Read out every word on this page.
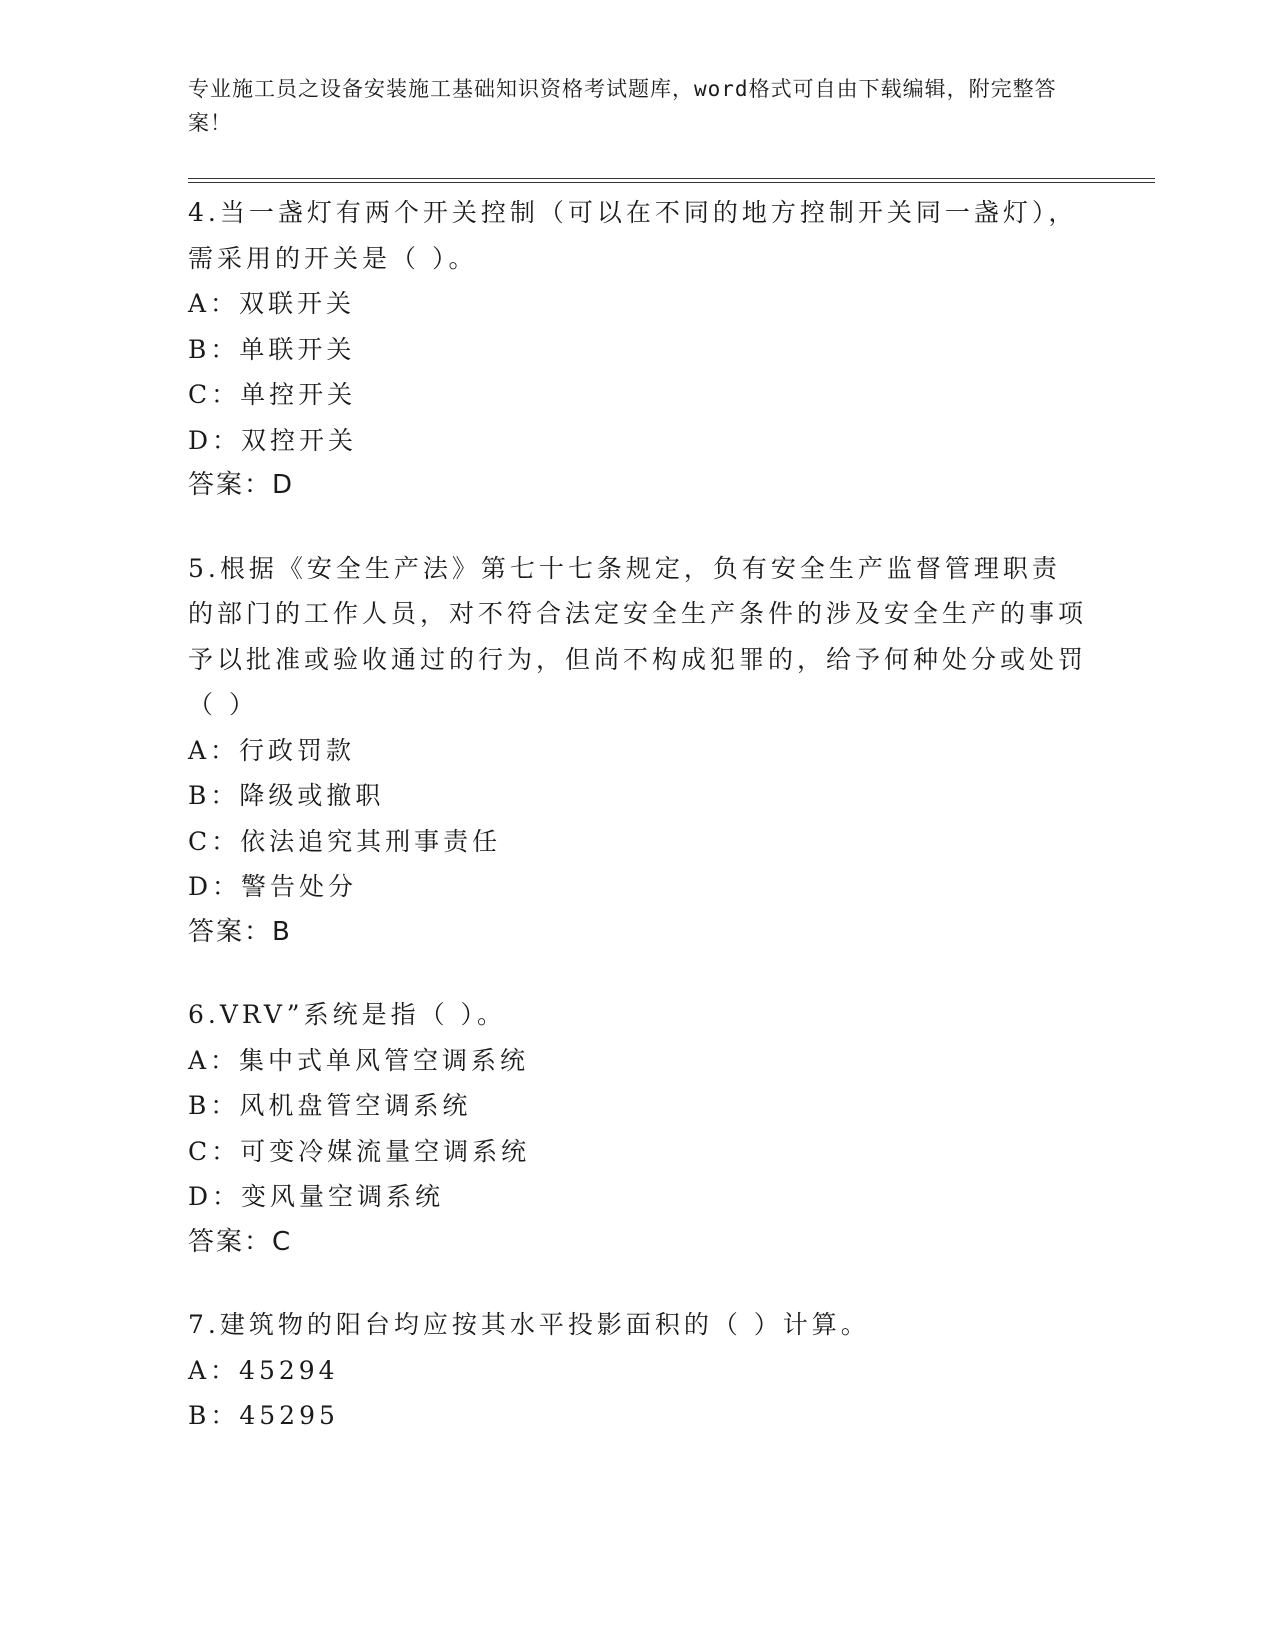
专业施工员之设备安装施工基础知识资格考试题库，word格式可自由下载编辑，附完整答案！

4.当一盏灯有两个开关控制（可以在不同的地方控制开关同一盏灯），需采用的开关是（ ）。

A：双联开关

B：单联开关

C：单控开关

D：双控开关

答案：D

5.根据《安全生产法》第七十七条规定，负有安全生产监督管理职责的部门的工作人员，对不符合法定安全生产条件的涉及安全生产的事项予以批准或验收通过的行为，但尚不构成犯罪的，给予何种处分或处罚（ ）

A：行政罚款

B：降级或撤职

C：依法追究其刑事责任

D：警告处分

答案：B

6.VRV”系统是指（ ）。

A：集中式单风管空调系统

B：风机盘管空调系统

C：可变冷媒流量空调系统

D：变风量空调系统

答案：C

7.建筑物的阳台均应按其水平投影面积的（ ）计算。

A：45294

B：45295
